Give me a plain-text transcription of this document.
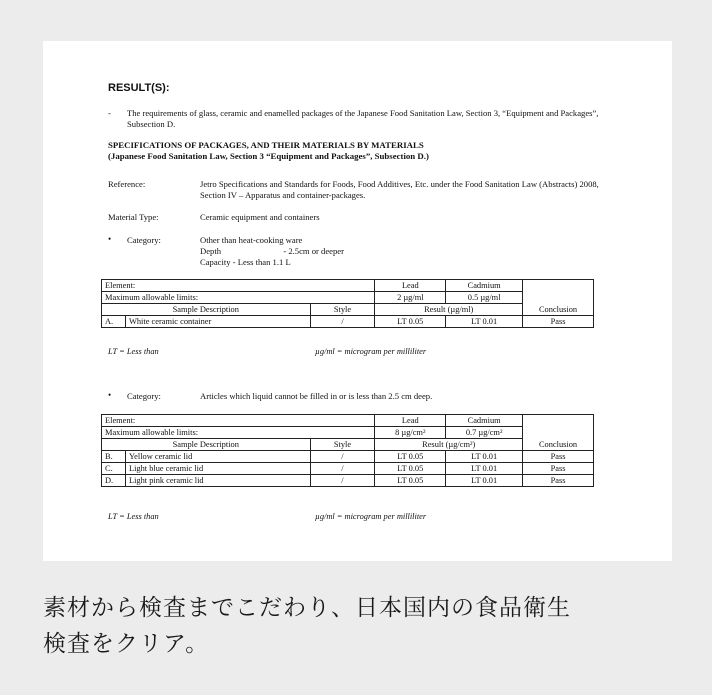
RESULT(S):
- The requirements of glass, ceramic and enamelled packages of the Japanese Food Sanitation Law, Section 3, “Equipment and Packages”, Subsection D.
SPECIFICATIONS OF PACKAGES, AND THEIR MATERIALS BY MATERIALS
(Japanese Food Sanitation Law, Section 3 “Equipment and Packages”, Subsection D.)
Reference:	Jetro Specifications and Standards for Foods, Food Additives, Etc. under the Food Sanitation Law (Abstracts) 2008, Section IV – Apparatus and container-packages.
Material Type:	Ceramic equipment and containers
• Category:	Other than heat-cooking ware
Depth	- 2.5cm or deeper
Capacity - Less than 1.1 L
Element:			Lead	Cadmium	
Maximum allowable limits:			2 µg/ml	0.5 µg/ml	
Sample Description		Style	Result (µg/ml)		Conclusion
A.	White ceramic container	/	LT 0.05	LT 0.01	Pass
LT = Less than	µg/ml = microgram per milliliter
• Category:	Articles which liquid cannot be filled in or is less than 2.5 cm deep.
Element:			Lead	Cadmium	
Maximum allowable limits:			8 µg/cm²	0.7 µg/cm²	
Sample Description		Style	Result (µg/cm²)		Conclusion
B.	Yellow ceramic lid	/	LT 0.05	LT 0.01	Pass
C.	Light blue ceramic lid	/	LT 0.05	LT 0.01	Pass
D.	Light pink ceramic lid	/	LT 0.05	LT 0.01	Pass
LT = Less than	µg/ml = microgram per milliliter
素材から検査までこだわり、日本国内の食品衛生
検査をクリア。
